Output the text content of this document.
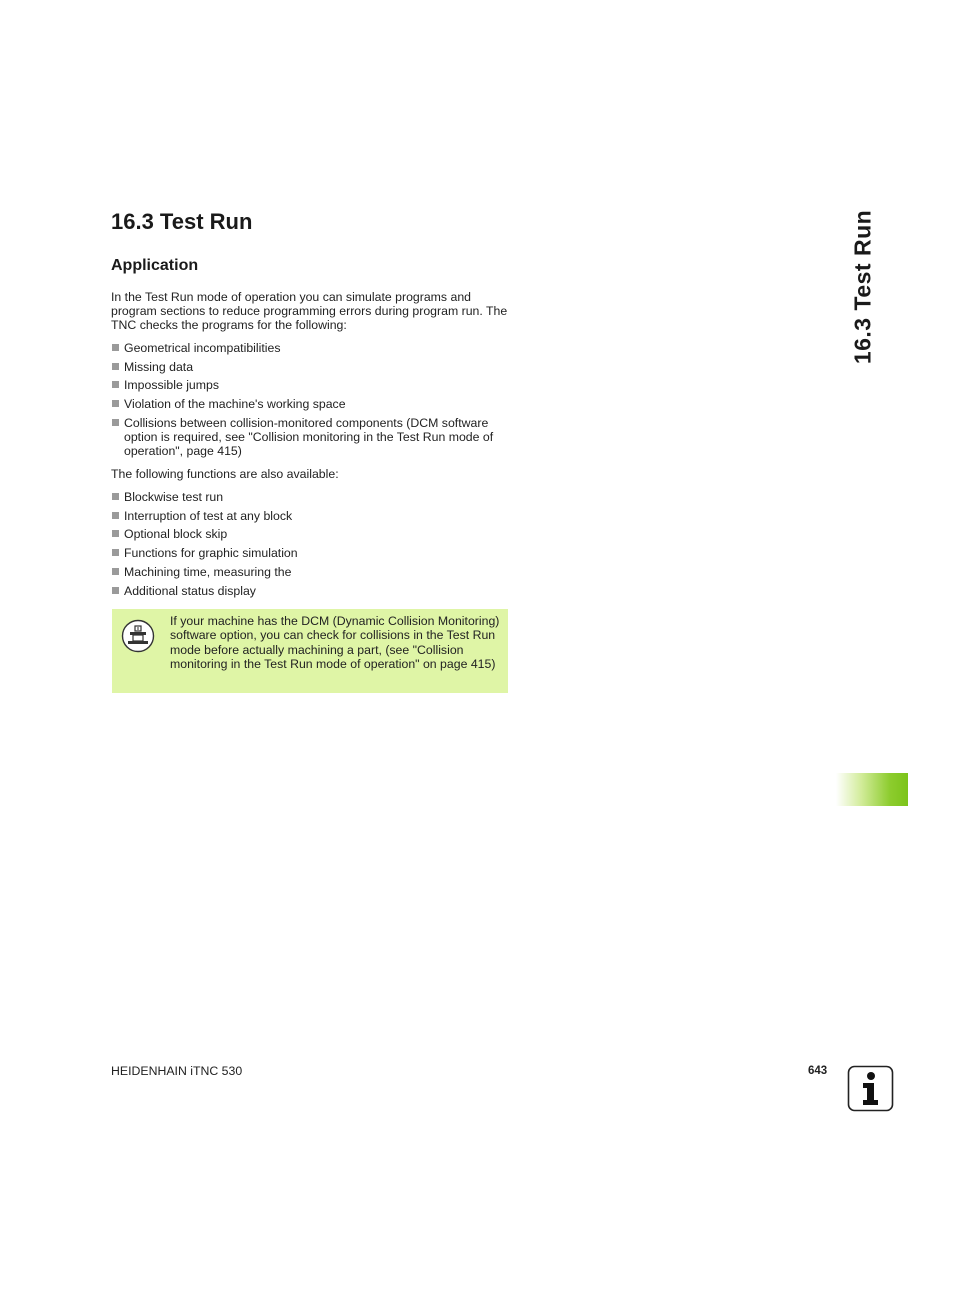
16.3 Test Run
Application

In the Test Run mode of operation you can simulate programs and program sections to reduce programming errors during program run. The TNC checks the programs for the following:

Geometrical incompatibilities
Missing data
Impossible jumps
Violation of the machine's working space
Collisions between collision-monitored components (DCM software option is required, see "Collision monitoring in the Test Run mode of operation", page 415)

The following functions are also available:

Blockwise test run
Interruption of test at any block
Optional block skip
Functions for graphic simulation
Machining time, measuring the
Additional status display

If your machine has the DCM (Dynamic Collision Monitoring) software option, you can check for collisions in the Test Run mode before actually machining a part, (see "Collision monitoring in the Test Run mode of operation" on page 415)

16.3 Test Run
HEIDENHAIN iTNC 530	643
